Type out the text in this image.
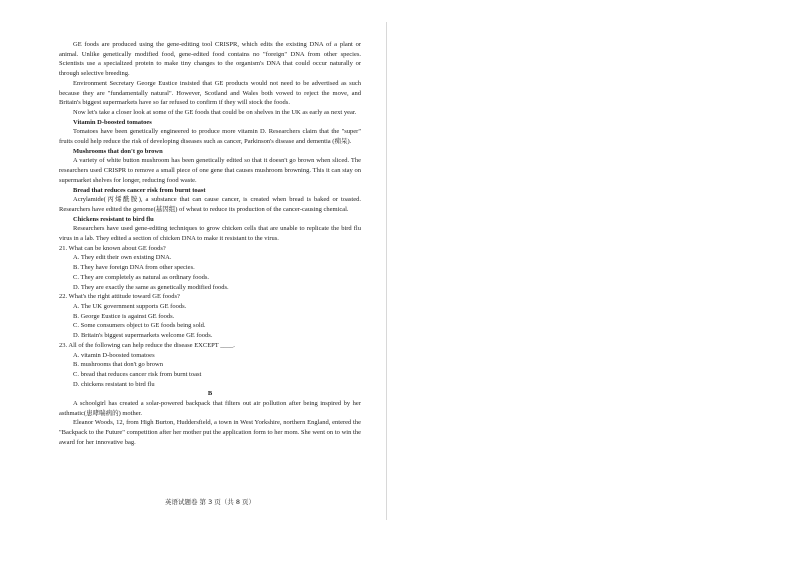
GE foods are produced using the gene-editing tool CRISPR, which edits the existing DNA of a plant or animal. Unlike genetically modified food, gene-edited food contains no "foreign" DNA from other species. Scientists use a specialized protein to make tiny changes to the organism's DNA that could occur naturally or through selective breeding.

Environment Secretary George Eustice insisted that GE products would not need to be advertised as such because they are "fundamentally natural". However, Scotland and Wales both vowed to reject the move, and Britain's biggest supermarkets have so far refused to confirm if they will stock the foods.

Now let's take a closer look at some of the GE foods that could be on shelves in the UK as early as next year.

Vitamin D-boosted tomatoes

Tomatoes have been genetically engineered to produce more vitamin D. Researchers claim that the "super" fruits could help reduce the risk of developing diseases such as cancer, Parkinson's disease and dementia (痴呆).

Mushrooms that don't go brown

A variety of white button mushroom has been genetically edited so that it doesn't go brown when sliced. The researchers used CRISPR to remove a small piece of one gene that causes mushroom browning. This it can stay on supermarket shelves for longer, reducing food waste.

Bread that reduces cancer risk from burnt toast

Acrylamide(丙烯酰胺), a substance that can cause cancer, is created when bread is baked or toasted. Researchers have edited the genome(基因组) of wheat to reduce its production of the cancer-causing chemical.

Chickens resistant to bird flu

Researchers have used gene-editing techniques to grow chicken cells that are unable to replicate the bird flu virus in a lab. They edited a section of chicken DNA to make it resistant to the virus.

21. What can be known about GE foods?

A. They edit their own existing DNA.

B. They have foreign DNA from other species.

C. They are completely as natural as ordinary foods.

D. They are exactly the same as genetically modified foods.

22. What's the right attitude toward GE foods?

A. The UK government supports GE foods.

B. George Eustice is against GE foods.

C. Some consumers object to GE foods being sold.

D. Britain's biggest supermarkets welcome GE foods.

23. All of the following can help reduce the disease EXCEPT ____.

A. vitamin D-boosted tomatoes

B. mushrooms that don't go brown

C. bread that reduces cancer risk from burnt toast

D. chickens resistant to bird flu

B

A schoolgirl has created a solar-powered backpack that filters out air pollution after being inspired by her asthmatic(患哮喘病的) mother.

Eleanor Woods, 12, from High Burton, Huddersfield, a town in West Yorkshire, northern England, entered the "Backpack to the Future" competition after her mother put the application form to her mom. She went on to win the award for her innovative bag.

英语试题卷 第 3 页（共 8 页）
